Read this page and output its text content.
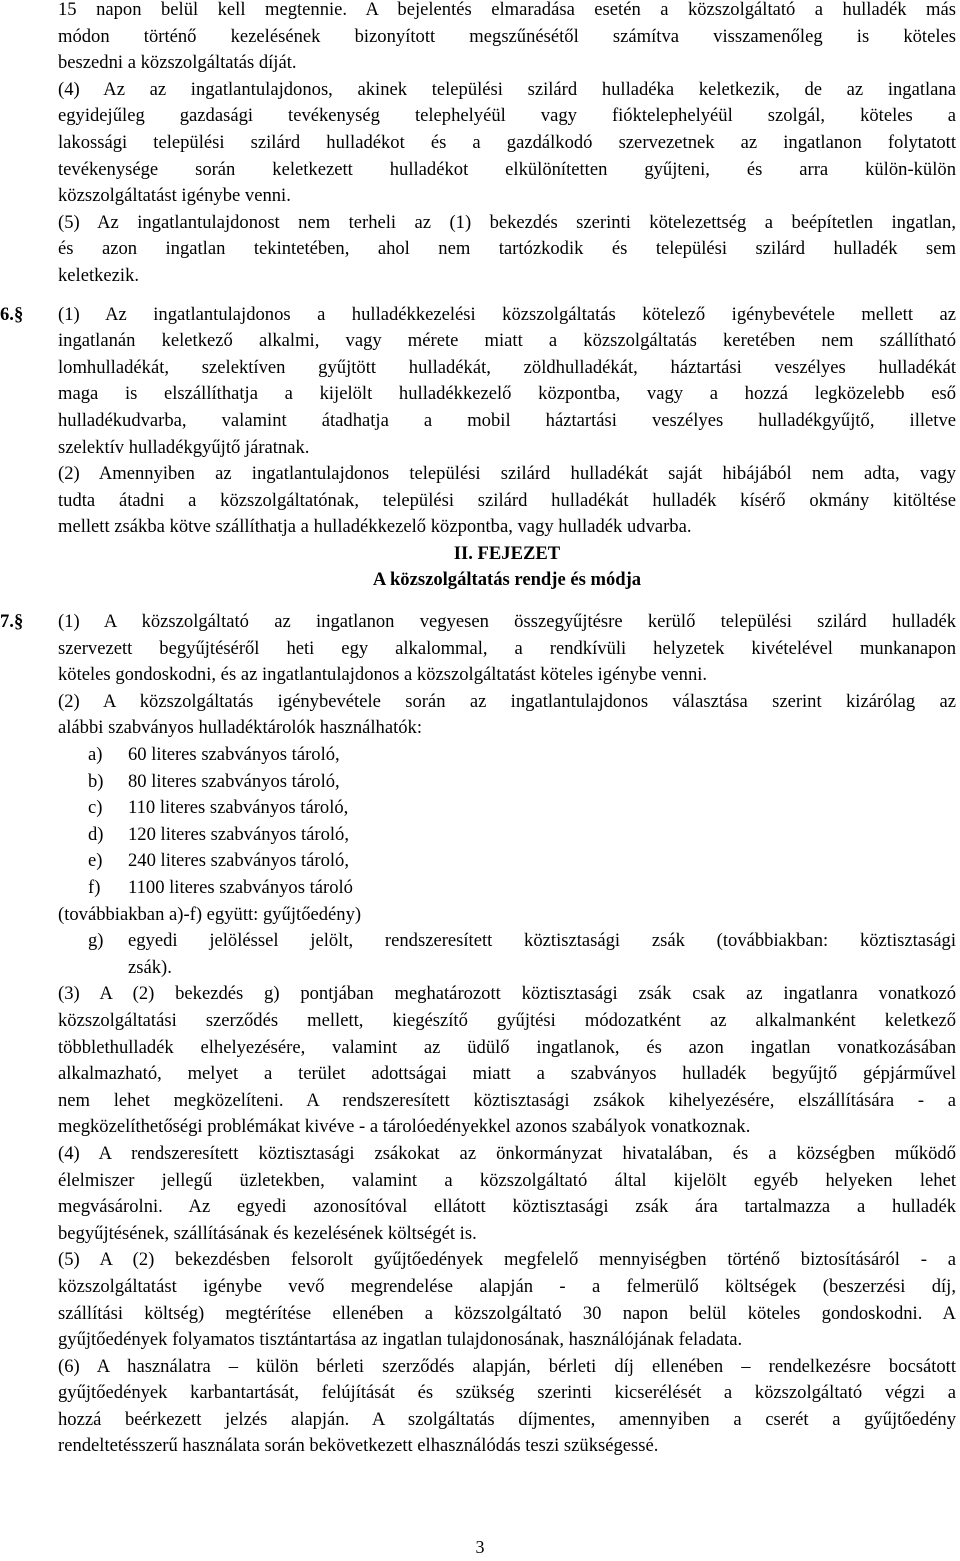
15 napon belül kell megtennie. A bejelentés elmaradása esetén a közszolgáltató a hulladék más

módon történő kezelésének bizonyított megszűnésétől számítva visszamenőleg is köteles

beszedni a közszolgáltatás díját.

(4) Az az ingatlantulajdonos, akinek települési szilárd hulladéka keletkezik, de az ingatlana

egyidejűleg gazdasági tevékenység telephelyéül vagy fióktelephelyéül szolgál, köteles a

lakossági települési szilárd hulladékot és a gazdálkodó szervezetnek az ingatlanon folytatott

tevékenysége során keletkezett hulladékot elkülönítetten gyűjteni, és arra külön-külön

közszolgáltatást igénybe venni.

(5) Az ingatlantulajdonost nem terheli az (1) bekezdés szerinti kötelezettség a beépítetlen ingatlan,

és azon ingatlan tekintetében, ahol nem tartózkodik és települési szilárd hulladék sem

keletkezik.

6.§ (1) Az ingatlantulajdonos a hulladékkezelési közszolgáltatás kötelező igénybevétele mellett az

ingatlanán keletkező alkalmi, vagy mérete miatt a közszolgáltatás keretében nem szállítható

lomhulladékát, szelektíven gyűjtött hulladékát, zöldhulladékát, háztartási veszélyes hulladékát

maga is elszállíthatja a kijelölt hulladékkezelő központba, vagy a hozzá legközelebb eső

hulladékudvarba, valamint átadhatja a mobil háztartási veszélyes hulladékgyűjtő, illetve

szelektív hulladékgyűjtő járatnak.

(2) Amennyiben az ingatlantulajdonos települési szilárd hulladékát saját hibájából nem adta, vagy

tudta átadni a közszolgáltatónak, települési szilárd hulladékát hulladék kísérő okmány kitöltése

mellett zsákba kötve szállíthatja a hulladékkezelő központba, vagy hulladék udvarba.

II. FEJEZET

A közszolgáltatás rendje és módja

7.§ (1) A közszolgáltató az ingatlanon vegyesen összegyűjtésre kerülő települési szilárd hulladék

szervezett begyűjtéséről heti egy alkalommal, a rendkívüli helyzetek kivételével munkanapon

köteles gondoskodni, és az ingatlantulajdonos a közszolgáltatást köteles igénybe venni.

(2) A közszolgáltatás igénybevétele során az ingatlantulajdonos választása szerint kizárólag az

alábbi szabványos hulladéktárolók használhatók:

a)	60 literes szabványos tároló,
b)	80 literes szabványos tároló,
c)	110 literes szabványos tároló,
d)	120 literes szabványos tároló,
e)	240 literes szabványos tároló,
f)	1100 literes szabványos tároló

(továbbiakban a)-f) együtt: gyűjtőedény)

g)	egyedi jelöléssel jelölt, rendszeresített köztisztasági zsák (továbbiakban: köztisztasági

zsák).

(3) A (2) bekezdés g) pontjában meghatározott köztisztasági zsák csak az ingatlanra vonatkozó

közszolgáltatási szerződés mellett, kiegészítő gyűjtési módozatként az alkalmanként keletkező

többlethulladék elhelyezésére, valamint az üdülő ingatlanok, és azon ingatlan vonatkozásában

alkalmazható, melyet a terület adottságai miatt a szabványos hulladék begyűjtő gépjárművel

nem lehet megközelíteni. A rendszeresített köztisztasági zsákok kihelyezésére, elszállítására - a

megközelíthetőségi problémákat kivéve - a tárolóedényekkel azonos szabályok vonatkoznak.

(4) A rendszeresített köztisztasági zsákokat az önkormányzat hivatalában, és a községben működő

élelmiszer jellegű üzletekben, valamint a közszolgáltató által kijelölt egyéb helyeken lehet

megvásárolni. Az egyedi azonosítóval ellátott köztisztasági zsák ára tartalmazza a hulladék

begyűjtésének, szállításának és kezelésének költségét is.

(5) A (2) bekezdésben felsorolt gyűjtőedények megfelelő mennyiségben történő biztosításáról - a

közszolgáltatást igénybe vevő megrendelése alapján - a felmerülő költségek (beszerzési díj,

szállítási költség) megtérítése ellenében a közszolgáltató 30 napon belül köteles gondoskodni. A

gyűjtőedények folyamatos tisztántartása az ingatlan tulajdonosának, használójának feladata.

(6) A használatra – külön bérleti szerződés alapján, bérleti díj ellenében – rendelkezésre bocsátott

gyűjtőedények karbantartását, felújítását és szükség szerinti kicserélését a közszolgáltató végzi a

hozzá beérkezett jelzés alapján. A szolgáltatás díjmentes, amennyiben a cserét a gyűjtőedény

rendeltetésszerű használata során bekövetkezett elhasználódás teszi szükségessé.

3
